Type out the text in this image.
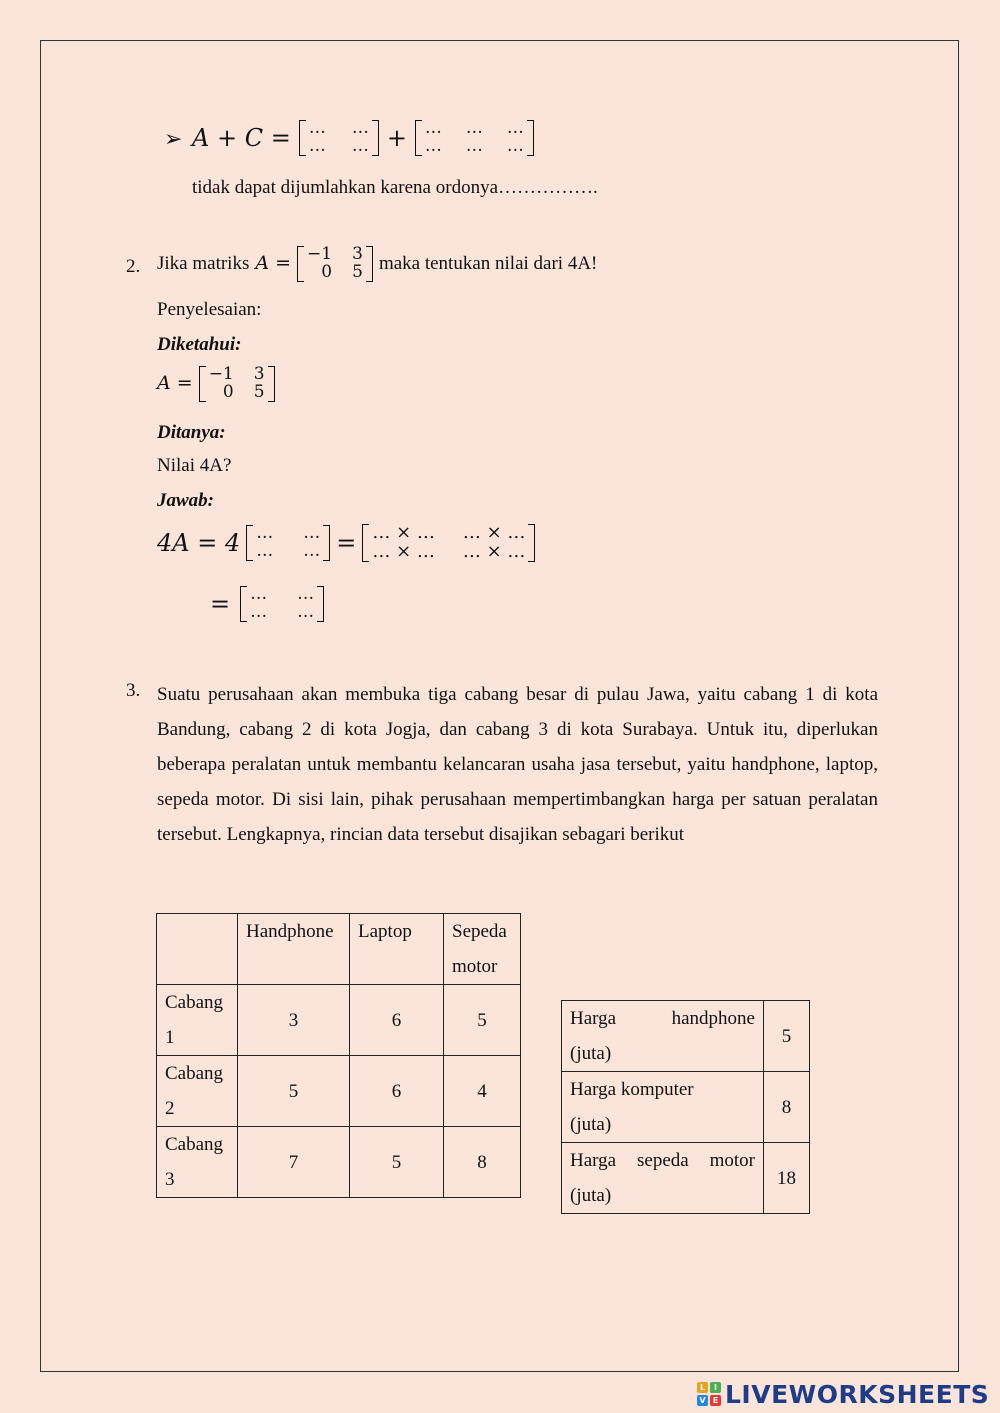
➢ A + C = … …
… … + … … …
… … …
tidak dapat dijumlahkan karena ordonya…………….
2. Jika matriks A = −1 3
0 5 maka tentukan nilai dari 4A!
Penyelesaian:
Diketahui:
A = −1 3
0 5
Ditanya:
Nilai 4A?
Jawab:
4A = 4 … …
… … = … × … … × …
… × … … × …
= … …
… …
3. Suatu perusahaan akan membuka tiga cabang besar di pulau Jawa, yaitu cabang 1 di kota Bandung, cabang 2 di kota Jogja, dan cabang 3 di kota Surabaya. Untuk itu, diperlukan beberapa peralatan untuk membantu kelancaran usaha jasa tersebut, yaitu handphone, laptop, sepeda motor. Di sisi lain, pihak perusahaan mempertimbangkan harga per satuan peralatan tersebut. Lengkapnya, rincian data tersebut disajikan sebagari berikut
	Handphone	Laptop	Sepeda motor
Cabang 1	3	6	5
Cabang 2	5	6	4
Cabang 3	7	5	8
Harga handphone
(juta)	5

Harga komputer
(juta)	8

Harga sepeda motor
(juta)	18
L	I
V E LIVEWORKSHEETS
